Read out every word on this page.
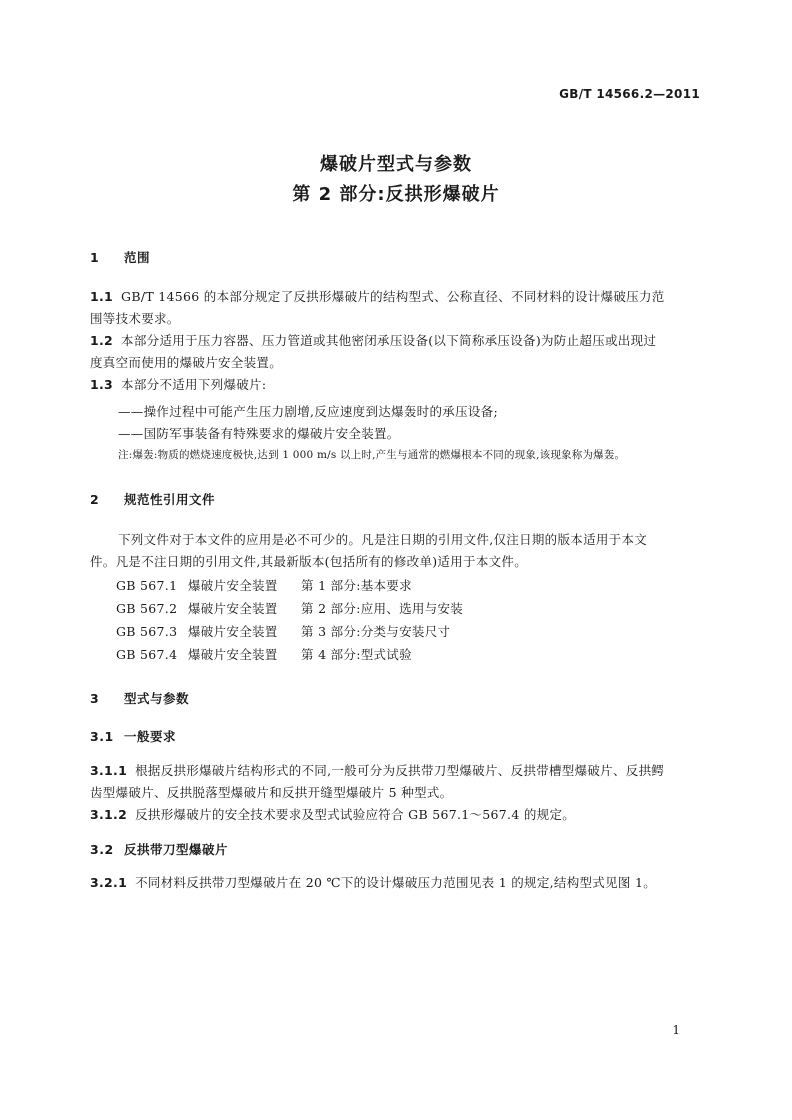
GB/T 14566.2—2011
爆破片型式与参数
第 2 部分:反拱形爆破片
1 范围
1.1 GB/T 14566 的本部分规定了反拱形爆破片的结构型式、公称直径、不同材料的设计爆破压力范
围等技术要求。
1.2 本部分适用于压力容器、压力管道或其他密闭承压设备(以下简称承压设备)为防止超压或出现过
度真空而使用的爆破片安全装置。
1.3 本部分不适用下列爆破片:
——操作过程中可能产生压力剧增,反应速度到达爆轰时的承压设备;
——国防军事装备有特殊要求的爆破片安全装置。
注:爆轰:物质的燃烧速度极快,达到 1 000 m/s 以上时,产生与通常的燃爆根本不同的现象,该现象称为爆轰。
2 规范性引用文件
下列文件对于本文件的应用是必不可少的。凡是注日期的引用文件,仅注日期的版本适用于本文
件。凡是不注日期的引用文件,其最新版本(包括所有的修改单)适用于本文件。
GB 567.1 爆破片安全装置 第 1 部分:基本要求
GB 567.2 爆破片安全装置 第 2 部分:应用、选用与安装
GB 567.3 爆破片安全装置 第 3 部分:分类与安装尺寸
GB 567.4 爆破片安全装置 第 4 部分:型式试验
3 型式与参数
3.1 一般要求
3.1.1 根据反拱形爆破片结构形式的不同,一般可分为反拱带刀型爆破片、反拱带槽型爆破片、反拱鳄
齿型爆破片、反拱脱落型爆破片和反拱开缝型爆破片 5 种型式。
3.1.2 反拱形爆破片的安全技术要求及型式试验应符合 GB 567.1～567.4 的规定。
3.2 反拱带刀型爆破片
3.2.1 不同材料反拱带刀型爆破片在 20 ℃下的设计爆破压力范围见表 1 的规定,结构型式见图 1。
1
